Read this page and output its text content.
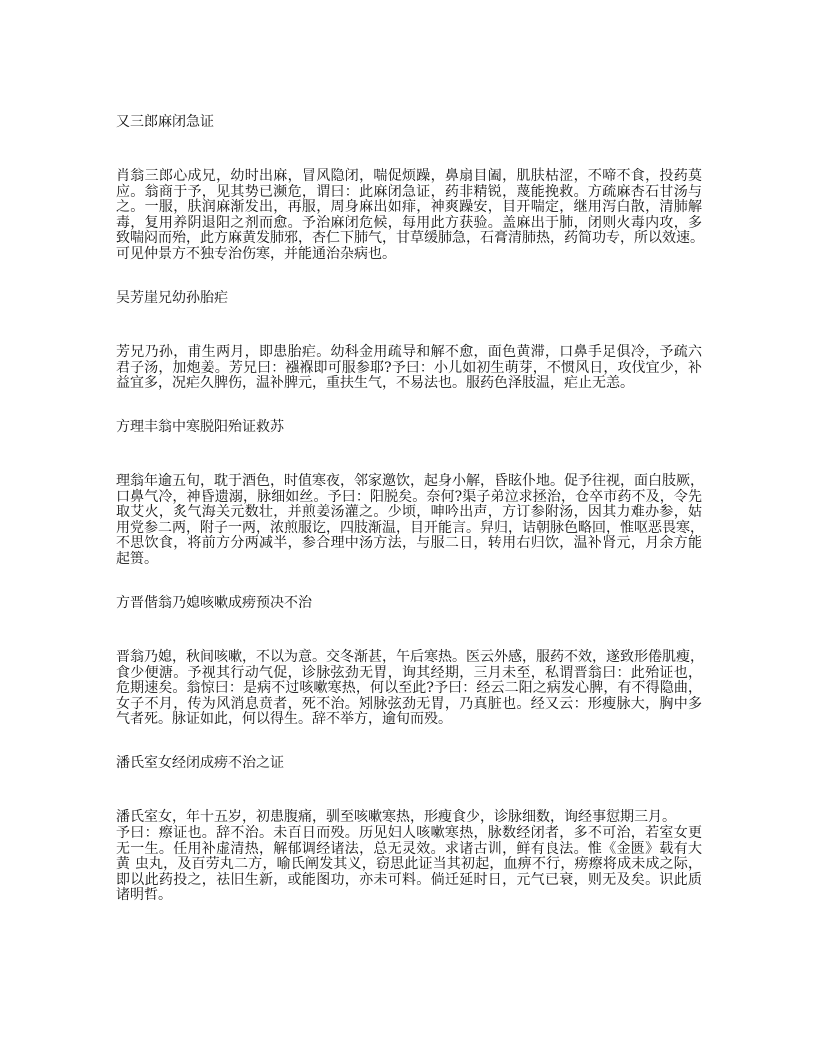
又三郎麻闭急证
肖翁三郎心成兄，幼时出麻，冒风隐闭，喘促烦躁，鼻扇目阖，肌肤枯涩，不啼不食，投药莫
应。翁商于予，见其势已濒危，谓曰：此麻闭急证，药非精锐，蔑能挽救。方疏麻杏石甘汤与
之。一服，肤润麻渐发出，再服，周身麻出如痱，神爽躁安，目开喘定，继用泻白散，清肺解
毒，复用养阴退阳之剂而愈。予治麻闭危候，每用此方获验。盖麻出于肺，闭则火毒内攻，多
致喘闷而殆，此方麻黄发肺邪，杏仁下肺气，甘草缓肺急，石膏清肺热，药简功专，所以效速。
可见仲景方不独专治伤寒，并能通治杂病也。
吴芳崖兄幼孙胎疟
芳兄乃孙，甫生两月，即患胎疟。幼科金用疏导和解不愈，面色黄滞，口鼻手足俱冷，予疏六
君子汤，加炮姜。芳兄曰：襁褓即可服参耶?予曰：小儿如初生萌芽，不惯风日，攻伐宜少，补
益宜多，况疟久脾伤，温补脾元，重扶生气，不易法也。服药色泽肢温，疟止无恙。
方理丰翁中寒脱阳殆证救苏
理翁年逾五旬，耽于酒色，时值寒夜，邻家邀饮，起身小解，昏眩仆地。促予往视，面白肢厥，
口鼻气冷，神昏遗溺，脉细如丝。予曰：阳脱矣。奈何?渠子弟泣求拯治，仓卒市药不及，令先
取艾火，炙气海关元数壮，并煎姜汤灌之。少顷，呻吟出声，方订参附汤，因其力难办参，姑
用党参二两，附子一两，浓煎服讫，四肢渐温，目开能言。舁归，诘朝脉色略回，惟呕恶畏寒，
不思饮食，将前方分两减半，参合理中汤方法，与服二日，转用右归饮，温补肾元，月余方能
起篑。
方晋偕翁乃媳咳嗽成痨预决不治
晋翁乃媳，秋间咳嗽，不以为意。交冬渐甚，午后寒热。医云外感，服药不效，遂致形倦肌瘦，
食少便溏。予视其行动气促，诊脉弦劲无胃，询其经期，三月未至，私谓晋翁曰：此殆证也，
危期速矣。翁惊曰：是病不过咳嗽寒热，何以至此?予曰：经云二阳之病发心脾，有不得隐曲，
女子不月，传为风消息贲者，死不治。矧脉弦劲无胃，乃真脏也。经又云：形瘦脉大，胸中多
气者死。脉证如此，何以得生。辞不举方，逾旬而殁。
潘氏室女经闭成痨不治之证
潘氏室女，年十五岁，初患腹痛，驯至咳嗽寒热，形瘦食少，诊脉细数，询经事愆期三月。
予曰：瘵证也。辞不治。未百日而殁。历见妇人咳嗽寒热，脉数经闭者，多不可治，若室女更
无一生。任用补虚清热，解郁调经诸法，总无灵效。求诸古训，鲜有良法。惟《金匮》载有大
黄 虫丸，及百劳丸二方，喻氏阐发其义，窃思此证当其初起，血痹不行，痨瘵将成未成之际，
即以此药投之，祛旧生新，或能图功，亦未可料。倘迁延时日，元气已衰，则无及矣。识此质
诸明哲。
